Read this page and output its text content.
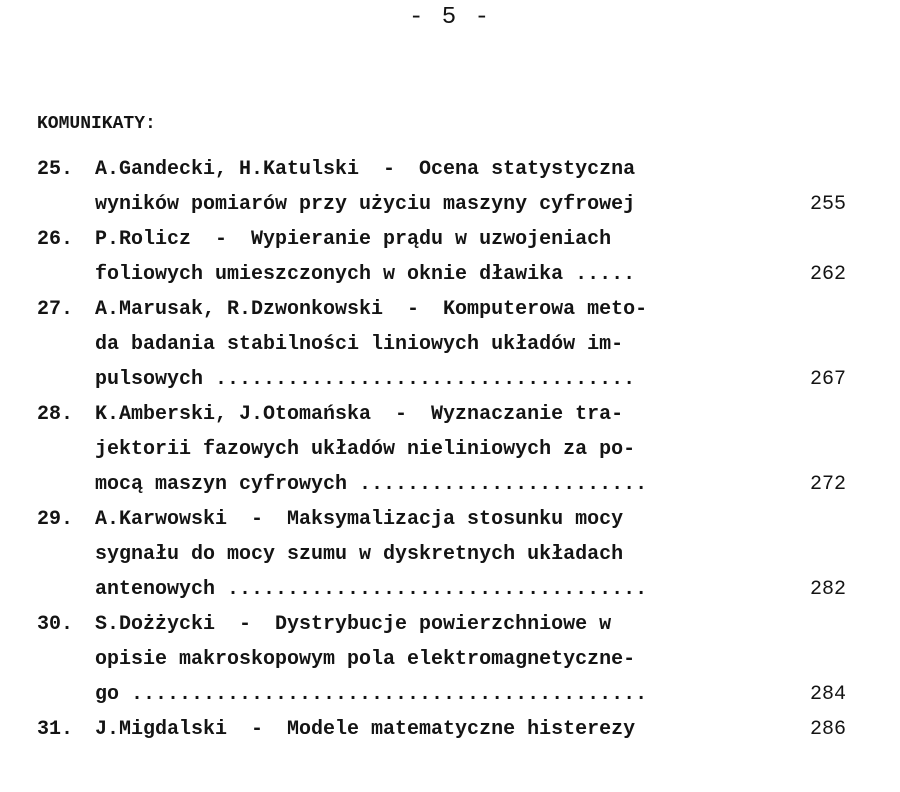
- 5 -
KOMUNIKATY:
25. A.Gandecki, H.Katulski  -  Ocena statystyczna
wyników pomiarów przy użyciu maszyny cyfrowej	255
26. P.Rolicz  -  Wypieranie prądu w uzwojeniach
foliowych umieszczonych w oknie dławika .....	262
27. A.Marusak, R.Dzwonkowski  -  Komputerowa meto-
da badania stabilności liniowych układów im-
pulsowych ...................................	267
28. K.Amberski, J.Otomańska  -  Wyznaczanie tra-
jektorii fazowych układów nieliniowych za po-
mocą maszyn cyfrowych ........................	272
29. A.Karwowski  -  Maksymalizacja stosunku mocy
sygnału do mocy szumu w dyskretnych układach
antenowych ...................................	282
30. S.Dożżycki  -  Dystrybucje powierzchniowe w
opisie makroskopowym pola elektromagnetyczne-
go ...........................................	284
31. J.Migdalski  -  Modele matematyczne histerezy	286
